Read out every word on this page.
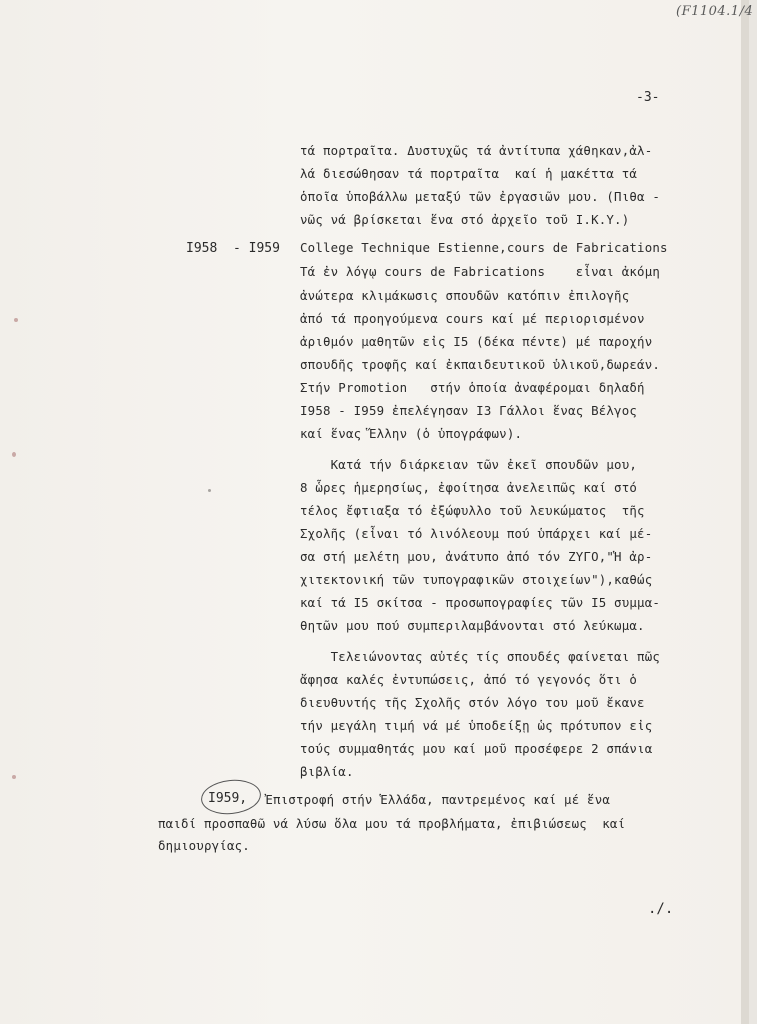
(F1104.1/4
-3-
τά πορτραῖτα. Δυστυχῶς τά ἀντίτυπα χάθηκαν,ἀλ-
λά διεσώθησαν τά πορτραῖτα  καί ἡ μακέττα τά
ὁποῖα ὑποβάλλω μεταξύ τῶν ἐργασιῶν μου. (Πιθα -
νῶς νά βρίσκεται ἕνα στό ἀρχεῖο τοῦ Ι.Κ.Υ.)
I958  - I959 College Technique Estienne,cours de Fabrications
Τά ἐν λόγῳ cours de Fabrications    εἶναι ἀκόμη
ἀνώτερα κλιμάκωσις σπουδῶν κατόπιν ἐπιλογῆς
ἀπό τά προηγούμενα cours καί μέ περιορισμένον
ἀριθμόν μαθητῶν εἰς I5 (δέκα πέντε) μέ παροχήν
σπουδῆς τροφῆς καί ἐκπαιδευτικοῦ ὑλικοῦ,δωρεάν.
Στήν Promotion   στήν ὁποία ἀναφέρομαι δηλαδή
I958 - I959 ἐπελέγησαν I3 Γάλλοι ἕνας Βέλγος
καί ἕνας Ἕλλην (ὁ ὑπογράφων).
Κατά τήν διάρκειαν τῶν ἐκεῖ σπουδῶν μου,
8 ὧρες ἡμερησίως, ἐφοίτησα ἀνελειπῶς καί στό
τέλος ἔφτιαξα τό ἐξώφυλλο τοῦ λευκώματος  τῆς
Σχολῆς (εἶναι τό λινόλεουμ πού ὑπάρχει καί μέ-
σα στή μελέτη μου, ἀνάτυπο ἀπό τόν ΖΥΓΟ,"Ἡ ἀρ-
χιτεκτονική τῶν τυπογραφικῶν στοιχείων"),καθώς
καί τά I5 σκίτσα - προσωπογραφίες τῶν I5 συμμα-
θητῶν μου πού συμπεριλαμβάνονται στό λεύκωμα.
Τελειώνοντας αὐτές τίς σπουδές φαίνεται πῶς
ἄφησα καλές ἐντυπώσεις, ἀπό τό γεγονός ὅτι ὁ
διευθυντής τῆς Σχολῆς στόν λόγο του μοῦ ἔκανε
τήν μεγάλη τιμή νά μέ ὑποδείξῃ ὡς πρότυπον εἰς
τούς συμμαθητάς μου καί μοῦ προσέφερε 2 σπάνια
βιβλία.
I959, Ἐπιστροφή στήν Ἑλλάδα, παντρεμένος καί μέ ἕνα
παιδί προσπαθῶ νά λύσω ὅλα μου τά προβλήματα, ἐπιβιώσεως  καί
δημιουργίας.
./.
